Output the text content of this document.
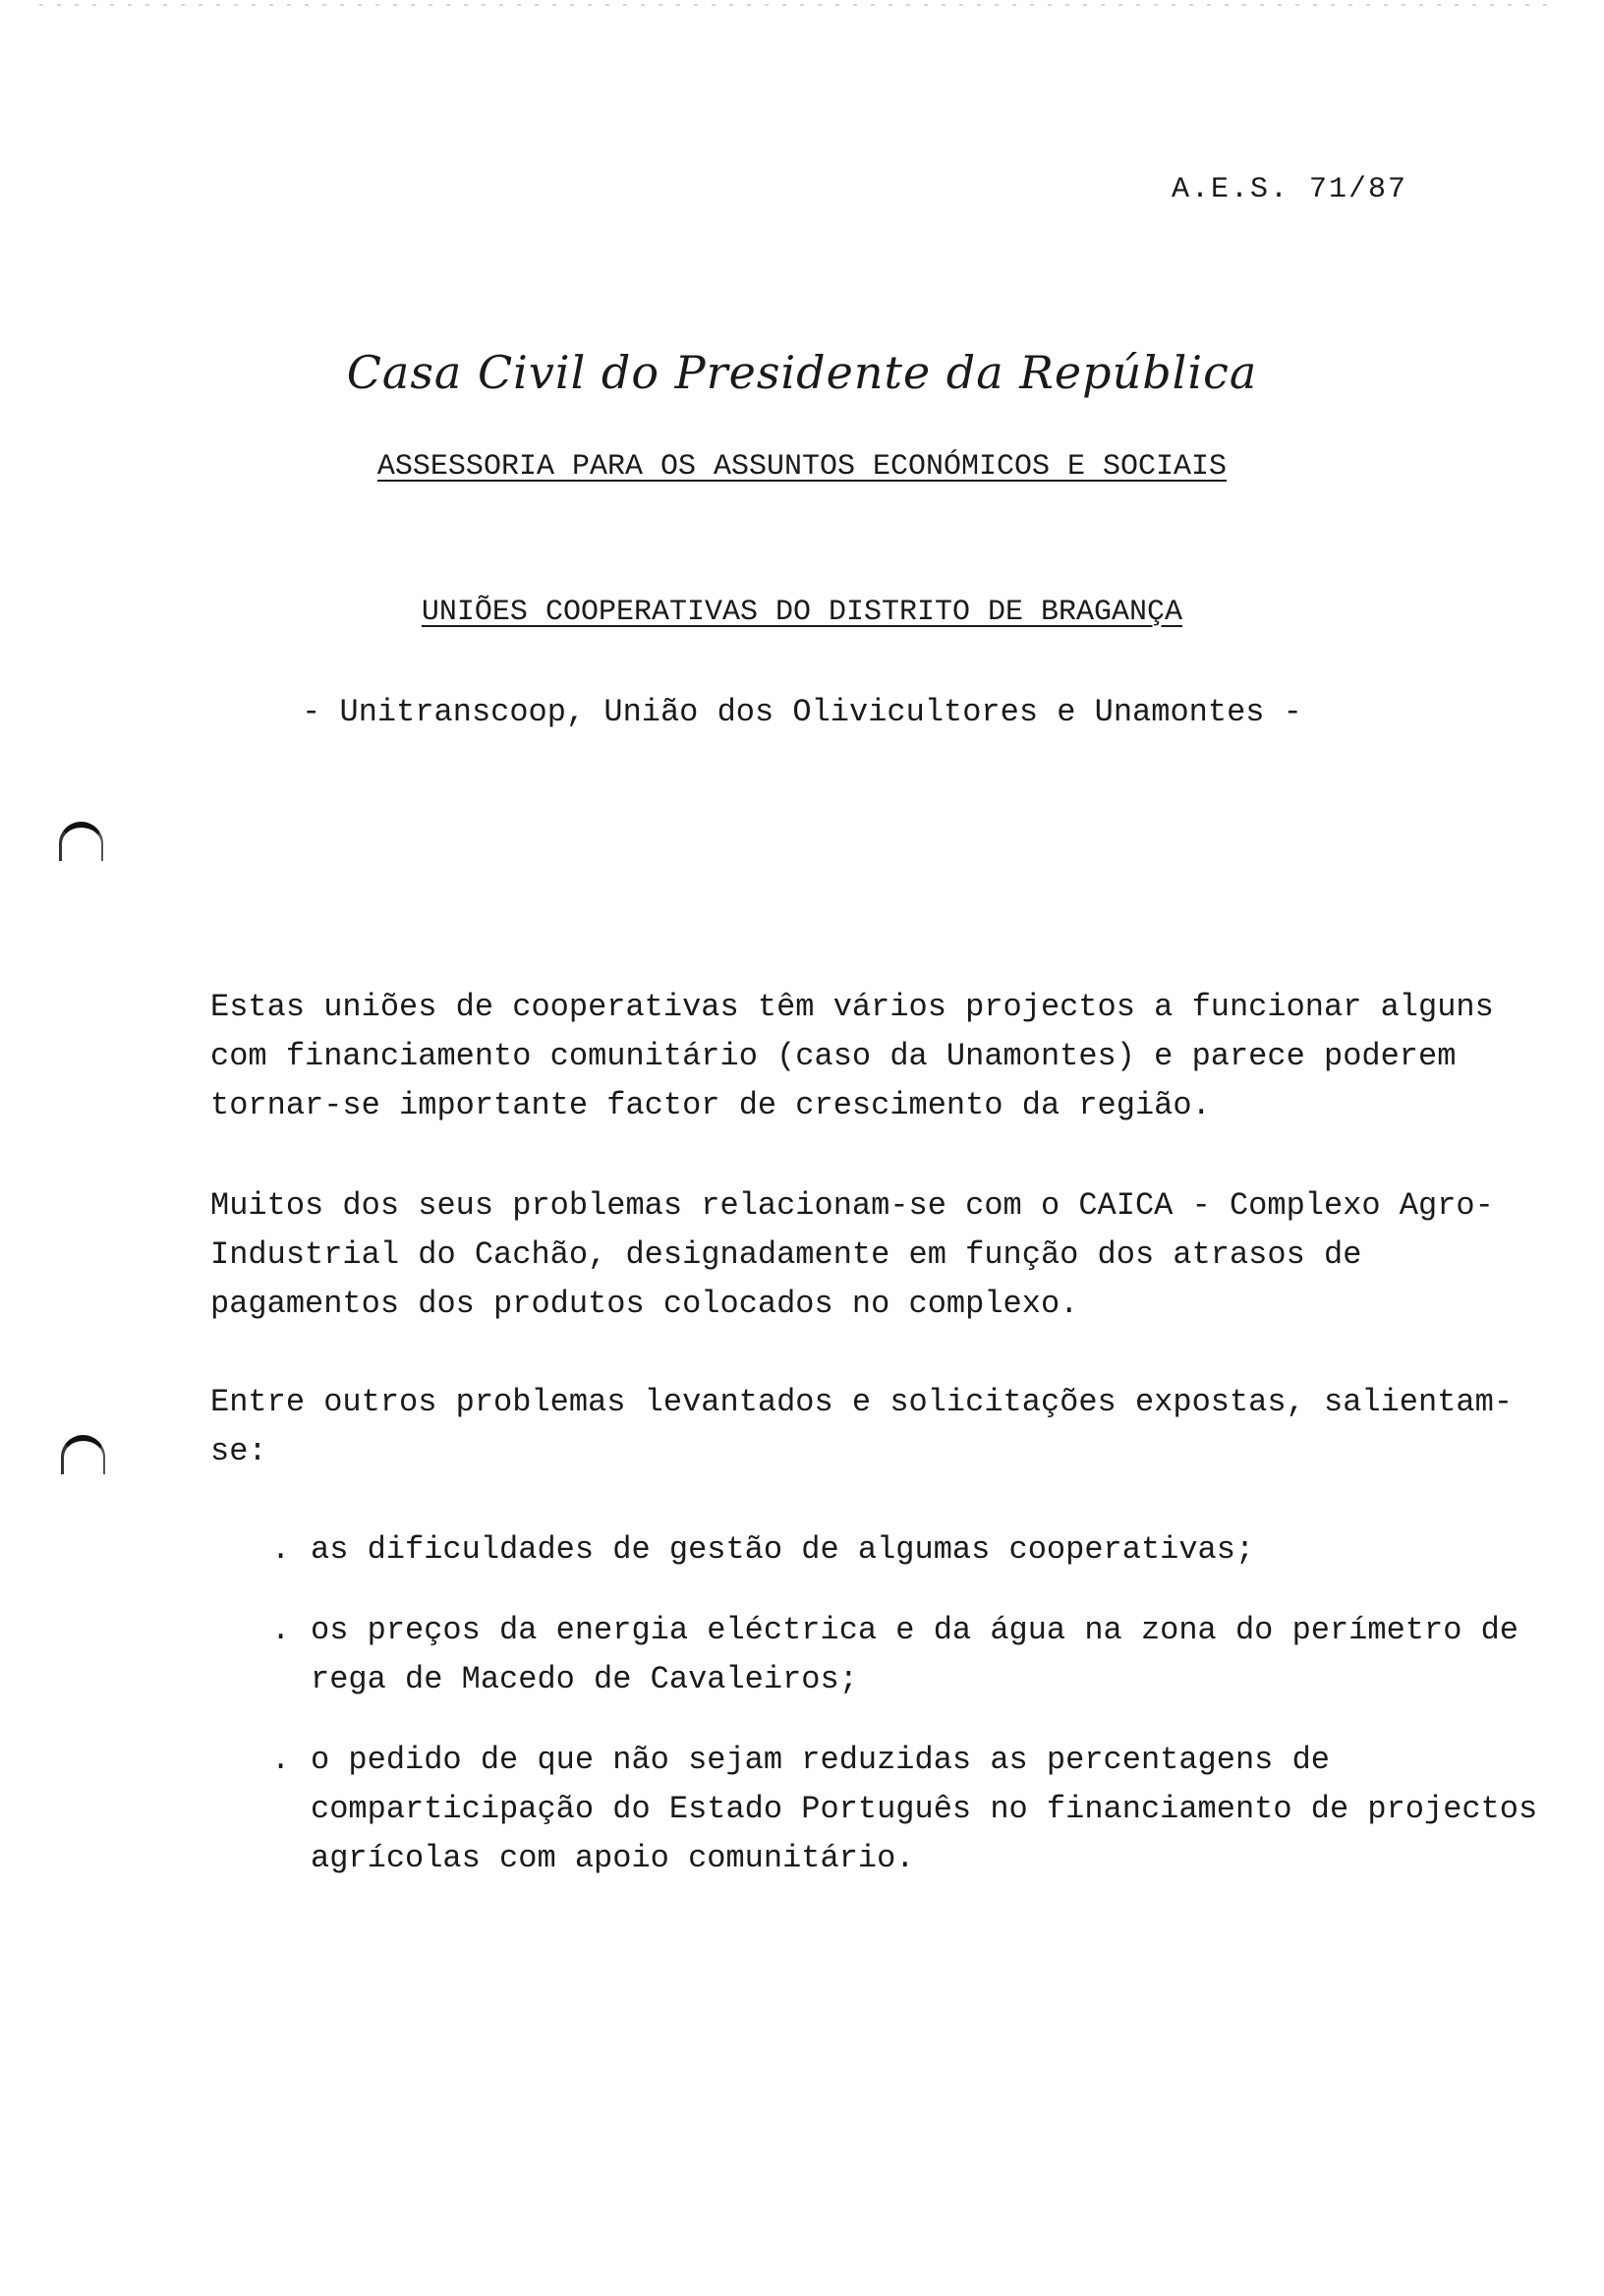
A.E.S. 71/87
Casa Civil do Presidente da República
ASSESSORIA PARA OS ASSUNTOS ECONÓMICOS E SOCIAIS
UNIÕES COOPERATIVAS DO DISTRITO DE BRAGANÇA
- Unitranscoop, União dos Olivicultores e Unamontes -

Estas uniões de cooperativas têm vários projectos a funcionar alguns com financiamento comunitário (caso da Unamontes) e parece poderem tornar-se importante factor de crescimento da região.

Muitos dos seus problemas relacionam-se com o CAICA - Complexo Agro-Industrial do Cachão, designadamente em função dos atrasos de pagamentos dos produtos colocados no complexo.

Entre outros problemas levantados e solicitações expostas, salientam-se:

. as dificuldades de gestão de algumas cooperativas;
. os preços da energia eléctrica e da água na zona do perímetro de rega de Macedo de Cavaleiros;
. o pedido de que não sejam reduzidas as percentagens de comparticipação do Estado Português no financiamento de projectos agrícolas com apoio comunitário.
